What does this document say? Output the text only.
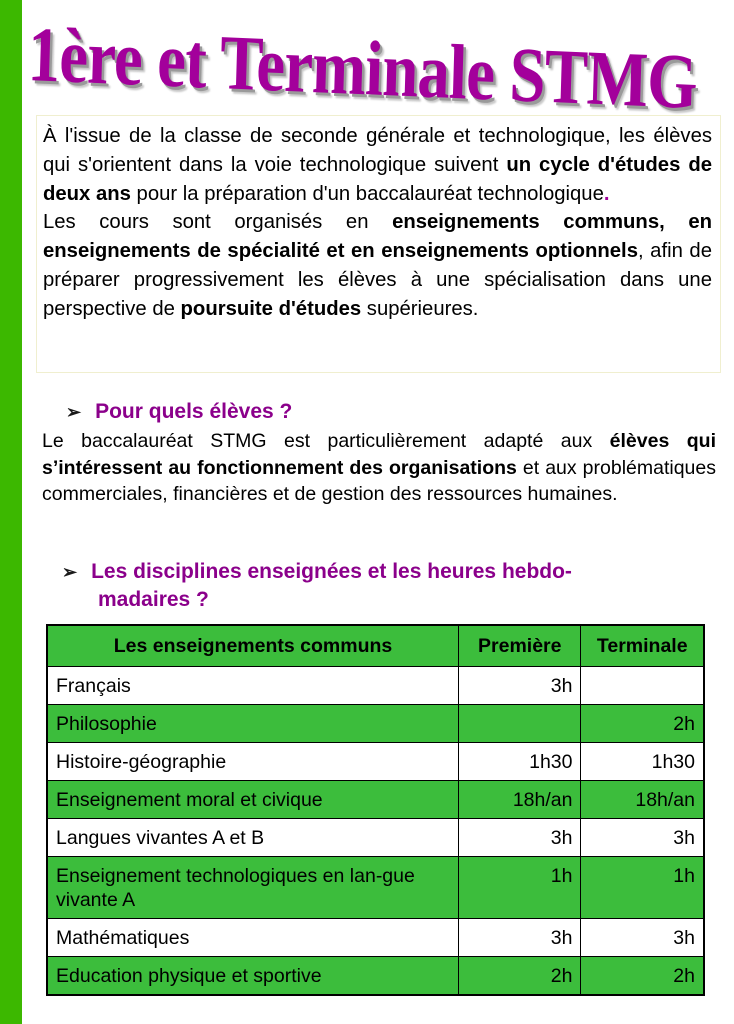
1ère et Terminale STMG

À l'issue de la classe de seconde générale et technologique, les élèves qui s'orientent dans la voie technologique suivent un cycle d'études de deux ans pour la préparation d'un baccalauréat technologique.

Les cours sont organisés en enseignements communs, en enseignements de spécialité et en enseignements optionnels, afin de préparer progressivement les élèves à une spécialisation dans une perspective de poursuite d'études supérieures.

➢ Pour quels élèves ?

Le baccalauréat STMG est particulièrement adapté aux élèves qui s’intéressent au fonctionnement des organisations et aux problématiques commerciales, financières et de gestion des ressources humaines.

➢ Les disciplines enseignées et les heures hebdo-
madaires ?
Les enseignements communs	Première	Terminale
Français	3h	
Philosophie		2h
Histoire-géographie	1h30	1h30
Enseignement moral et civique	18h/an	18h/an
Langues vivantes A et B	3h	3h
Enseignement technologiques en lan-gue vivante A	1h	1h
Mathématiques	3h	3h
Education physique et sportive	2h	2h
